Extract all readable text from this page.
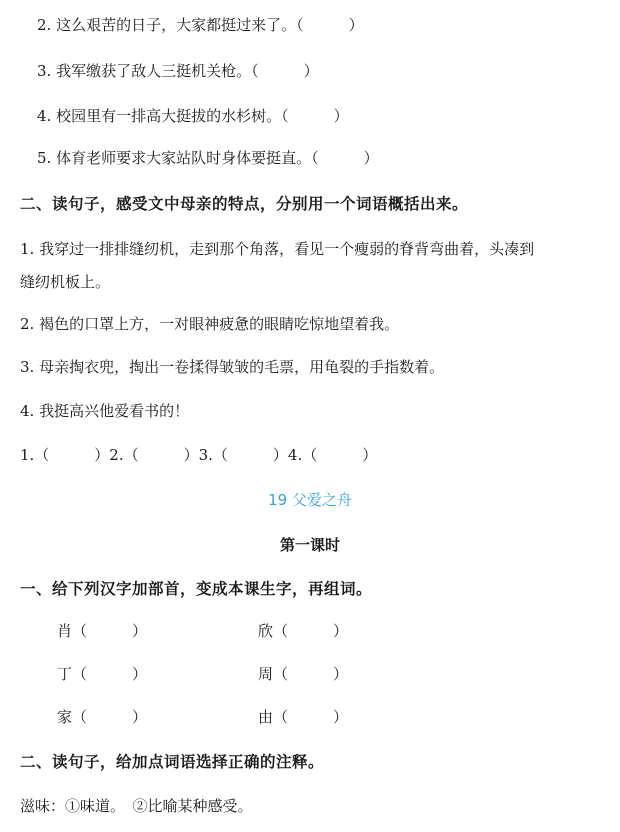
2. 这么艰苦的日子，大家都挺过来了。（　　　）
3. 我军缴获了敌人三挺机关枪。（　　　）
4. 校园里有一排高大挺拔的水杉树。（　　　）
5. 体育老师要求大家站队时身体要挺直。（　　　）
二、读句子，感受文中母亲的特点，分别用一个词语概括出来。
1. 我穿过一排排缝纫机，走到那个角落，看见一个瘦弱的脊背弯曲着，头凑到
缝纫机板上。
2. 褐色的口罩上方，一对眼神疲惫的眼睛吃惊地望着我。
3. 母亲掏衣兜，掏出一卷揉得皱皱的毛票，用龟裂的手指数着。
4. 我挺高兴他爱看书的！
1.（　　　）2.（　　　）3.（　　　）4.（　　　）
19 父爱之舟
第一课时
一、给下列汉字加部首，变成本课生字，再组词。
肖（　　　）	欣（　　　）
丁（　　　）	周（　　　）
家（　　　）	由（　　　）
二、读句子，给加点词语选择正确的注释。
滋味：①味道。　②比喻某种感受。
